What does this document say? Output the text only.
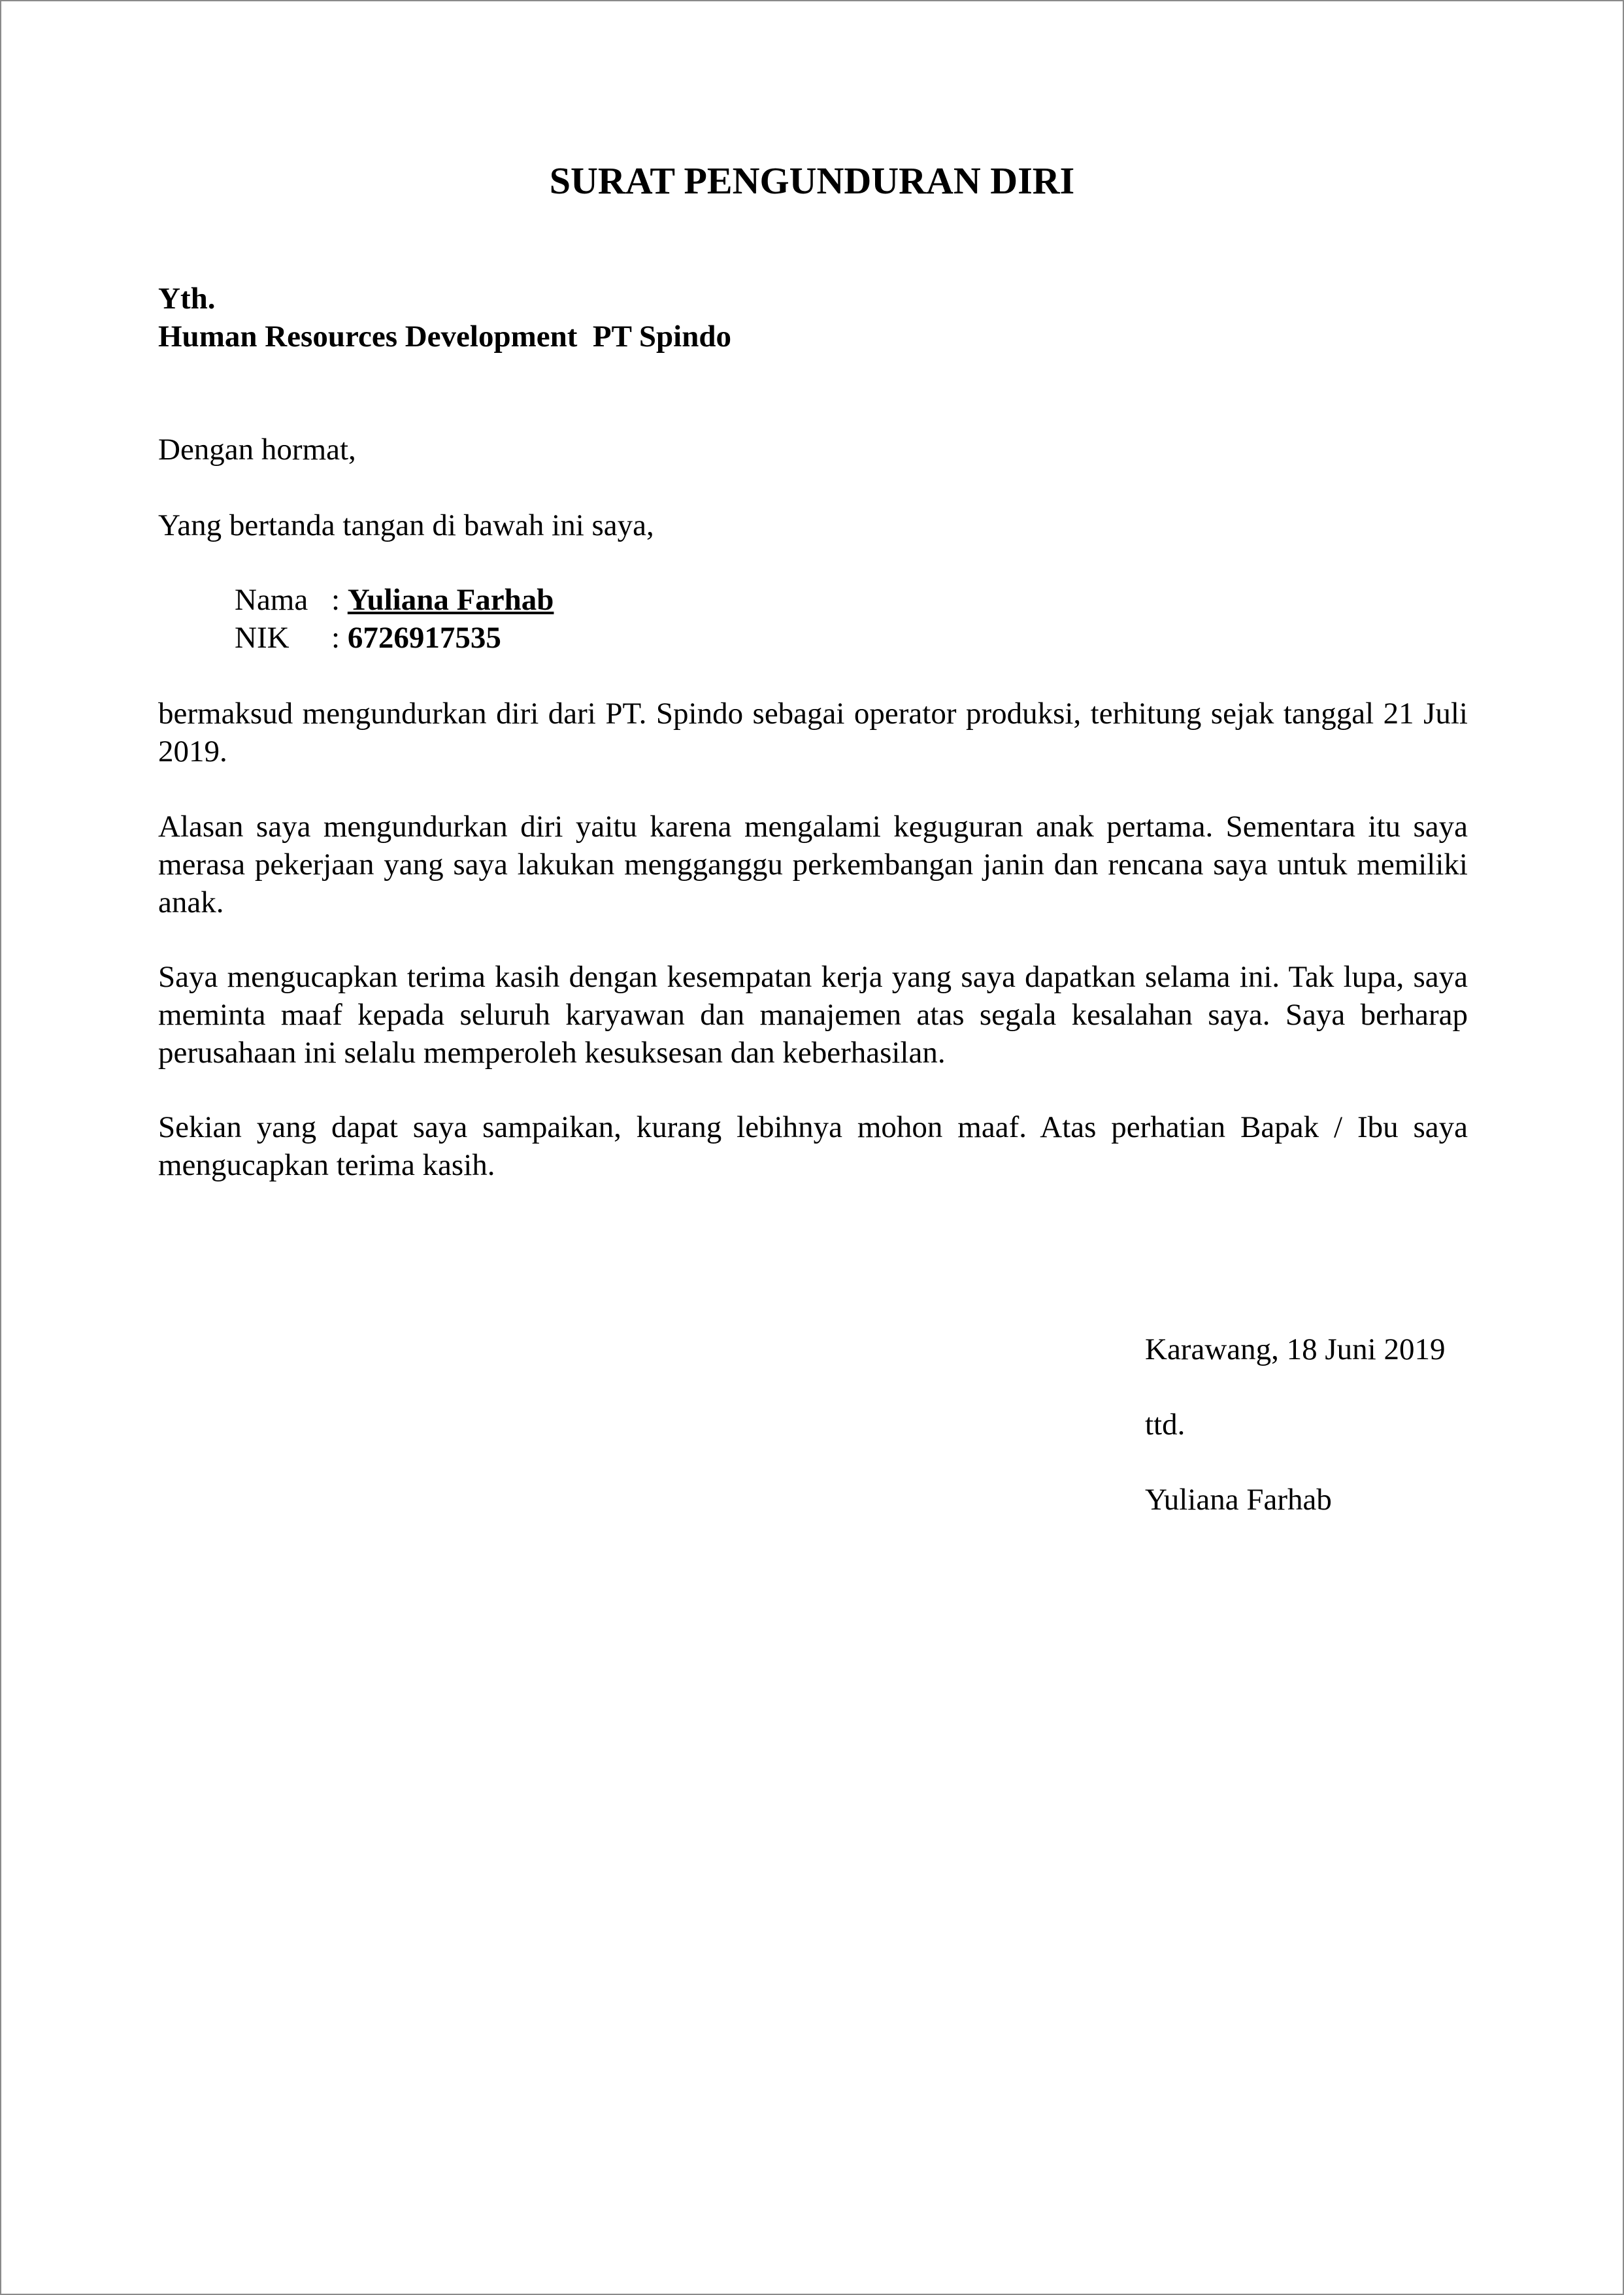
SURAT PENGUNDURAN DIRI
Yth.
Human Resources Development  PT Spindo
Dengan hormat,
Yang bertanda tangan di bawah ini saya,
Nama : Yuliana Farhab
NIK	: 6726917535

bermaksud mengundurkan diri dari PT. Spindo sebagai operator produksi, terhitung sejak tanggal 21 Juli 2019.

Alasan saya mengundurkan diri yaitu karena mengalami keguguran anak pertama. Sementara itu saya merasa pekerjaan yang saya lakukan mengganggu perkembangan janin dan rencana saya untuk memiliki anak.

Saya mengucapkan terima kasih dengan kesempatan kerja yang saya dapatkan selama ini. Tak lupa, saya meminta maaf kepada seluruh karyawan dan manajemen atas segala kesalahan saya. Saya berharap perusahaan ini selalu memperoleh kesuksesan dan keberhasilan.

Sekian yang dapat saya sampaikan, kurang lebihnya mohon maaf. Atas perhatian Bapak / Ibu saya mengucapkan terima kasih.

Karawang, 18 Juni 2019
ttd.
Yuliana Farhab
